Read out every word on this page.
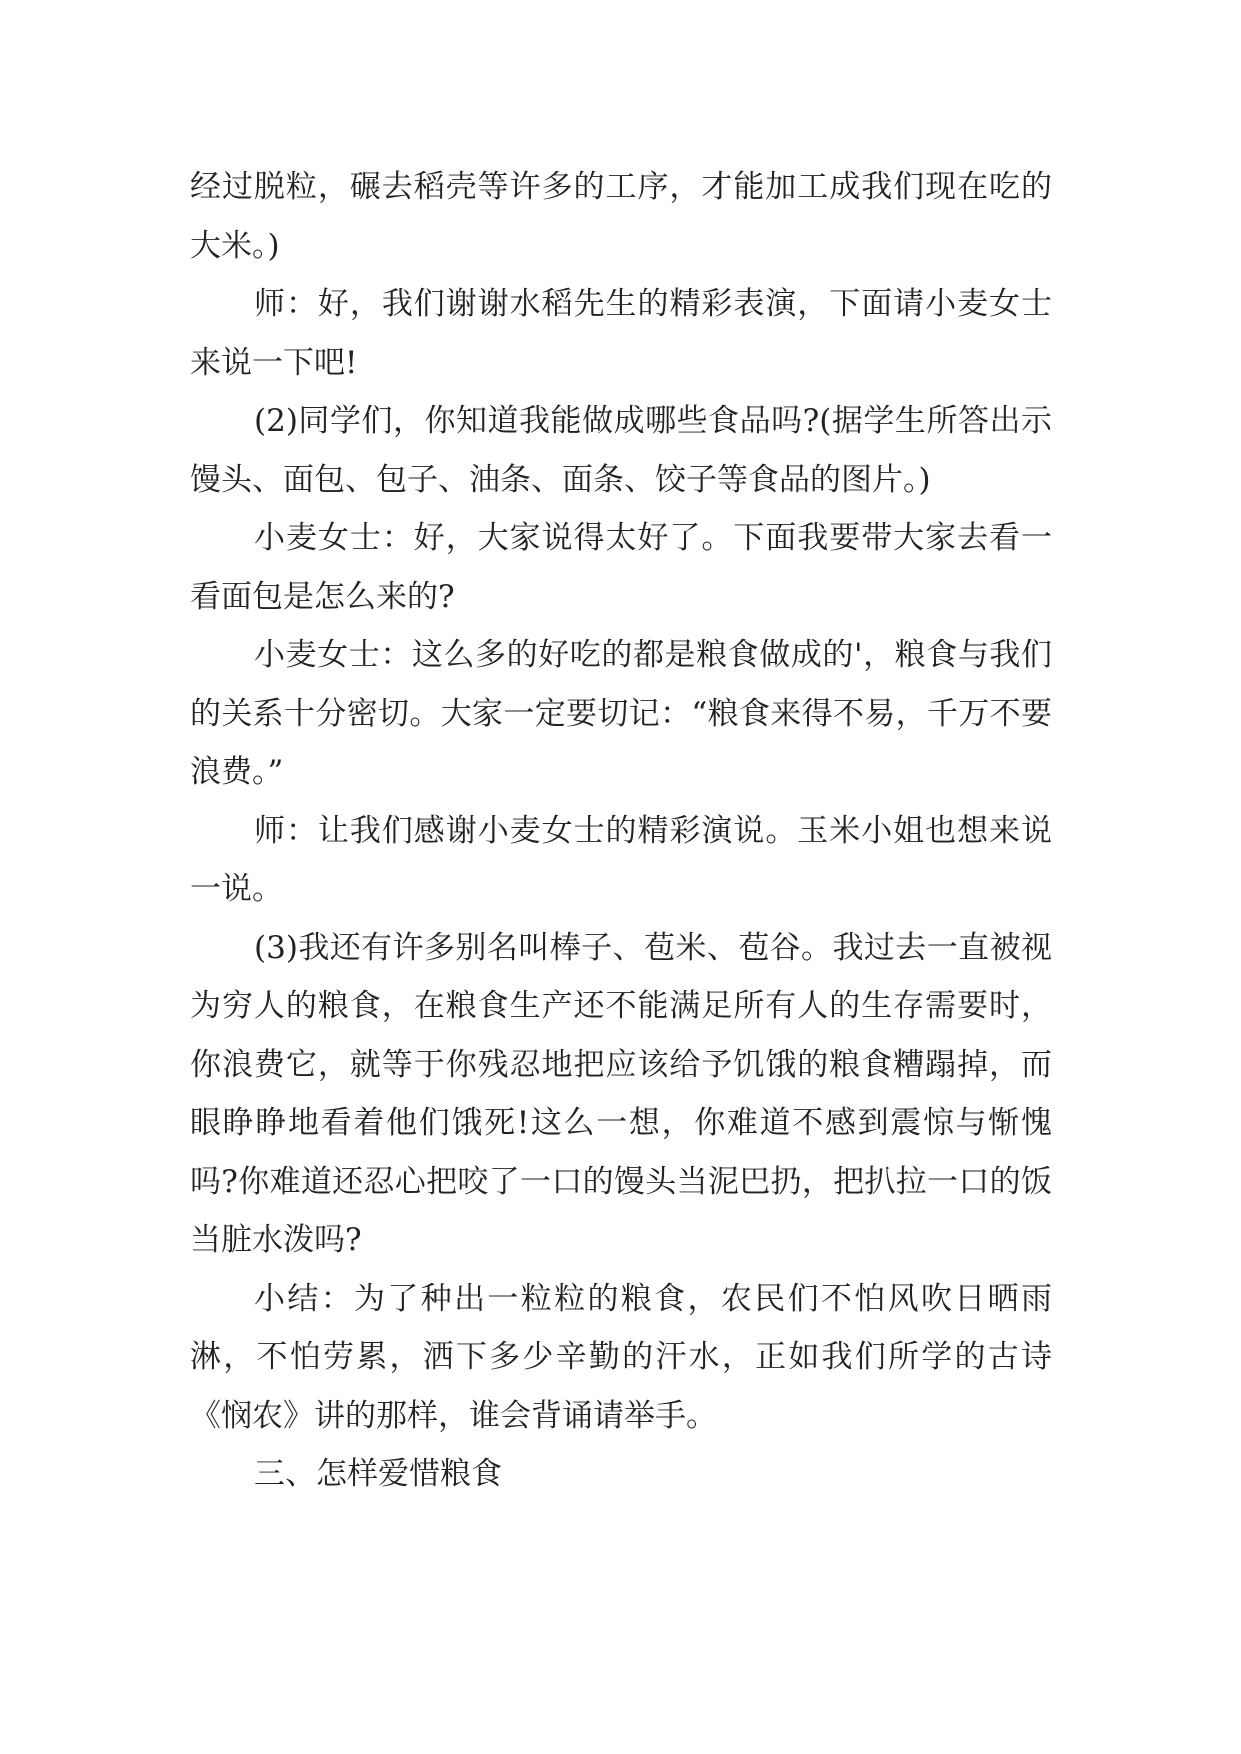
经过脱粒，碾去稻壳等许多的工序，才能加工成我们现在吃的大米。)

师：好，我们谢谢水稻先生的精彩表演，下面请小麦女士来说一下吧!

(2)同学们，你知道我能做成哪些食品吗?(据学生所答出示馒头、面包、包子、油条、面条、饺子等食品的图片。)

小麦女士：好，大家说得太好了。下面我要带大家去看一看面包是怎么来的?

小麦女士：这么多的好吃的都是粮食做成的'，粮食与我们的关系十分密切。大家一定要切记：“粮食来得不易，千万不要浪费。”

师：让我们感谢小麦女士的精彩演说。玉米小姐也想来说一说。

(3)我还有许多别名叫棒子、苞米、苞谷。我过去一直被视为穷人的粮食，在粮食生产还不能满足所有人的生存需要时，你浪费它，就等于你残忍地把应该给予饥饿的粮食糟蹋掉，而眼睁睁地看着他们饿死!这么一想，你难道不感到震惊与惭愧吗?你难道还忍心把咬了一口的馒头当泥巴扔，把扒拉一口的饭当脏水泼吗?

小结：为了种出一粒粒的粮食，农民们不怕风吹日晒雨淋，不怕劳累，洒下多少辛勤的汗水，正如我们所学的古诗《悯农》讲的那样，谁会背诵请举手。

三、怎样爱惜粮食
